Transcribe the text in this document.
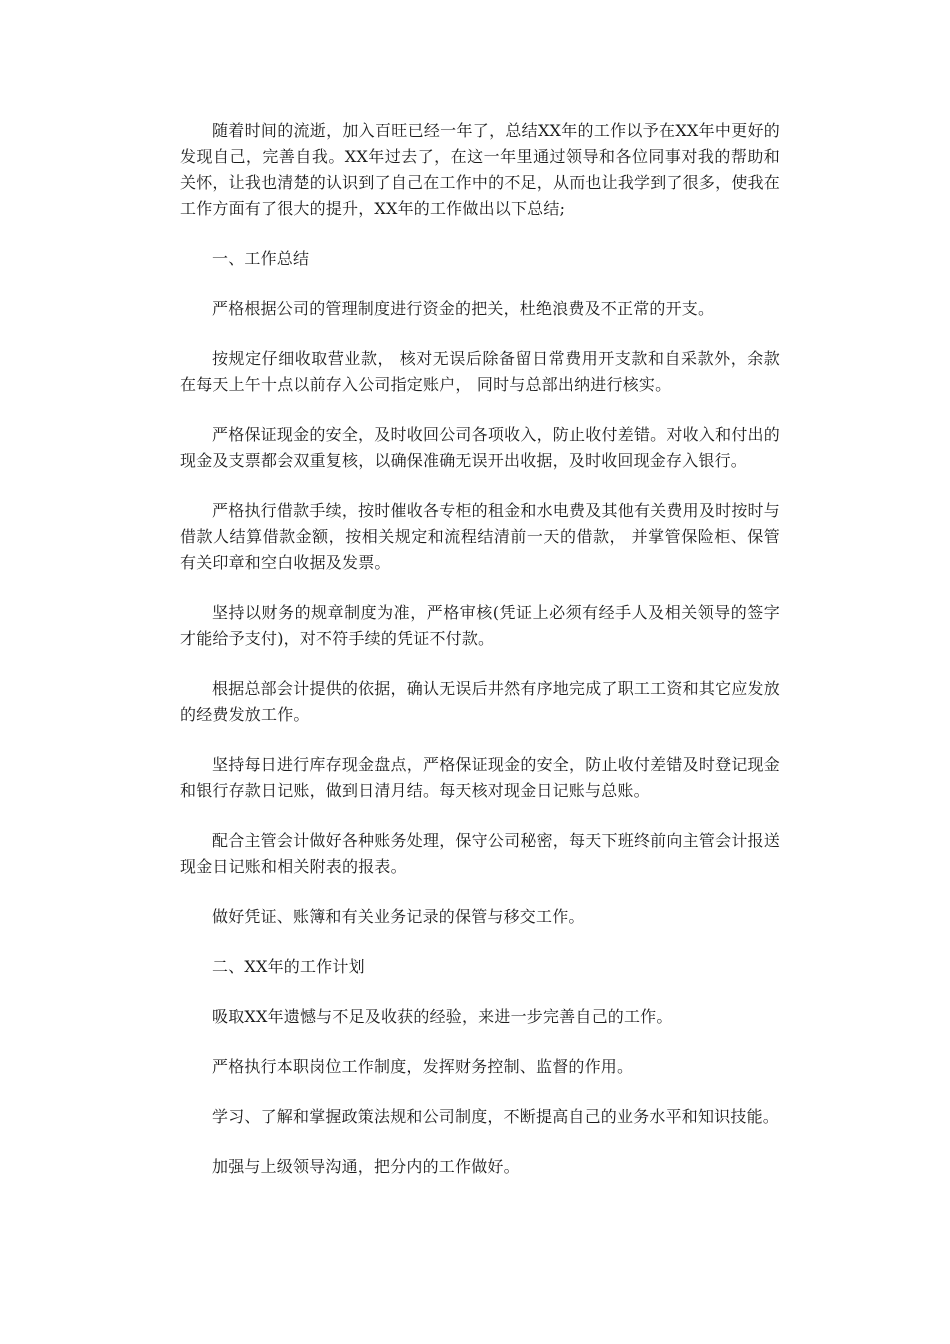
随着时间的流逝，加入百旺已经一年了，总结XX年的工作以予在XX年中更好的发现自己，完善自我。XX年过去了，在这一年里通过领导和各位同事对我的帮助和关怀，让我也清楚的认识到了自己在工作中的不足，从而也让我学到了很多，使我在工作方面有了很大的提升，XX年的工作做出以下总结;

一、工作总结

严格根据公司的管理制度进行资金的把关，杜绝浪费及不正常的开支。

按规定仔细收取营业款， 核对无误后除备留日常费用开支款和自采款外，余款在每天上午十点以前存入公司指定账户， 同时与总部出纳进行核实。

严格保证现金的安全，及时收回公司各项收入，防止收付差错。对收入和付出的现金及支票都会双重复核，以确保准确无误开出收据，及时收回现金存入银行。

严格执行借款手续，按时催收各专柜的租金和水电费及其他有关费用及时按时与借款人结算借款金额，按相关规定和流程结清前一天的借款， 并掌管保险柜、保管有关印章和空白收据及发票。

坚持以财务的规章制度为准，严格审核(凭证上必须有经手人及相关领导的签字才能给予支付)，对不符手续的凭证不付款。

根据总部会计提供的依据，确认无误后井然有序地完成了职工工资和其它应发放的经费发放工作。

坚持每日进行库存现金盘点，严格保证现金的安全，防止收付差错及时登记现金和银行存款日记账，做到日清月结。每天核对现金日记账与总账。

配合主管会计做好各种账务处理，保守公司秘密，每天下班终前向主管会计报送现金日记账和相关附表的报表。

做好凭证、账簿和有关业务记录的保管与移交工作。

二、XX年的工作计划

吸取XX年遗憾与不足及收获的经验，来进一步完善自己的工作。

严格执行本职岗位工作制度，发挥财务控制、监督的作用。

学习、了解和掌握政策法规和公司制度，不断提高自己的业务水平和知识技能。

加强与上级领导沟通，把分内的工作做好。
